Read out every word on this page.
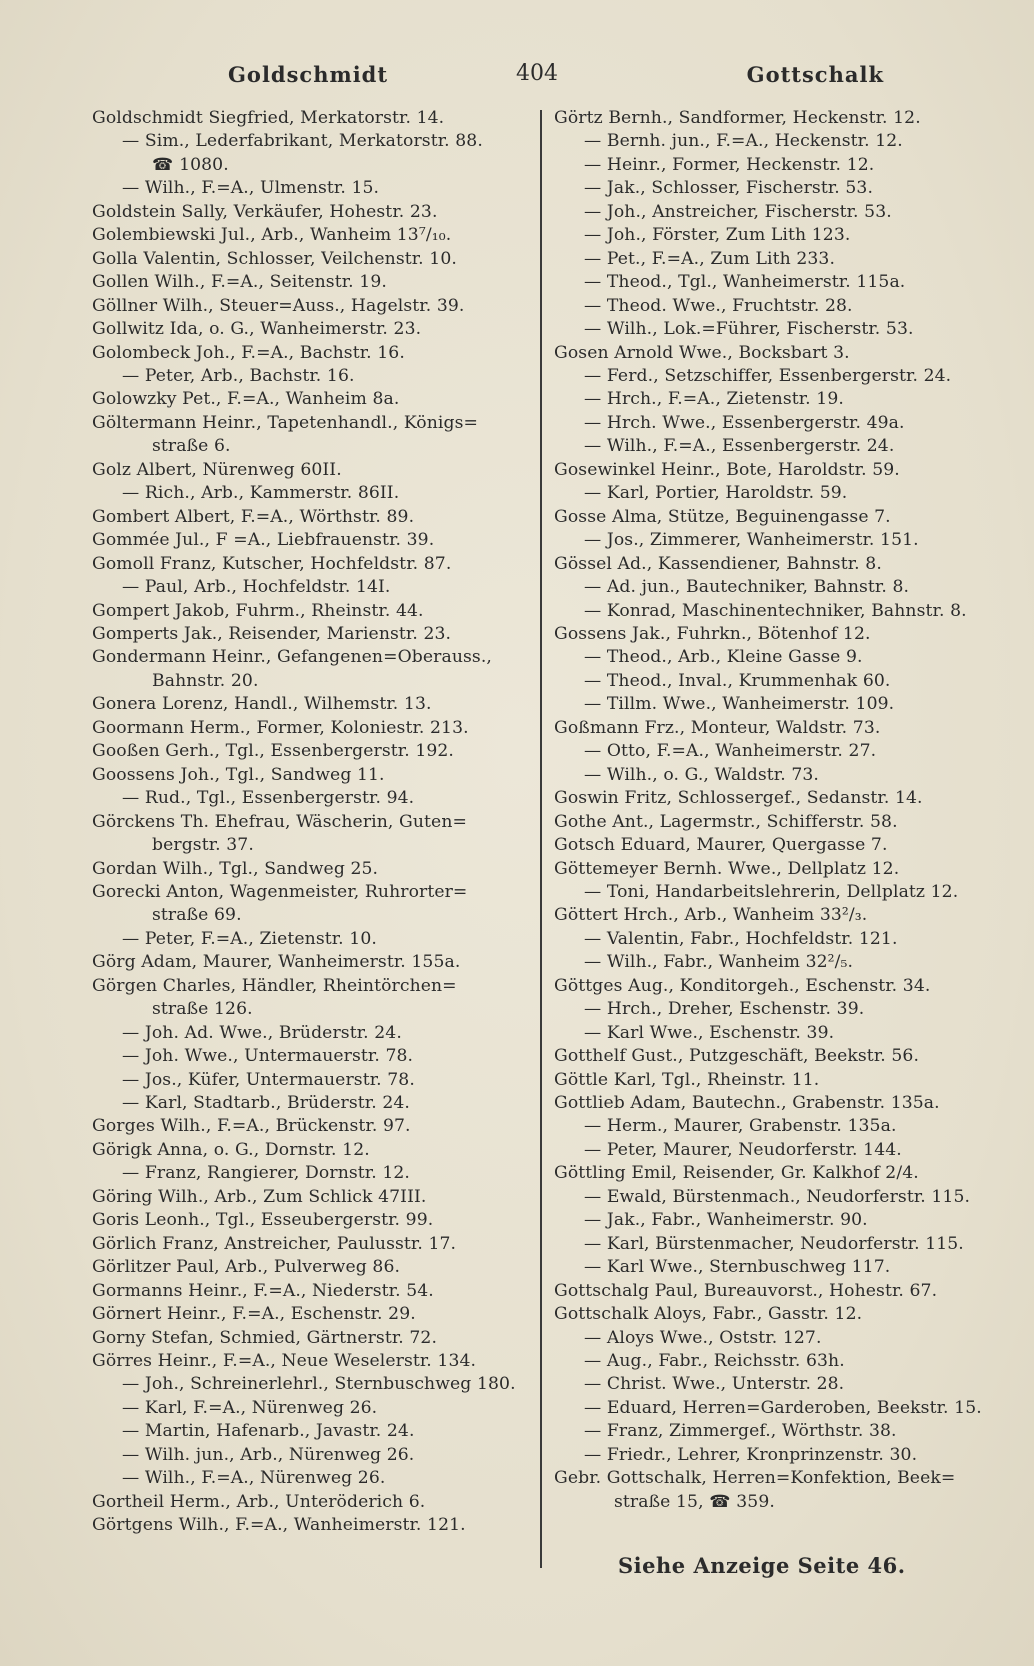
Goldschmidt	404	Gottschalk
Goldschmidt Siegfried, Merkatorstr. 14.
— Sim., Lederfabrikant, Merkatorstr. 88.
☎ 1080.
— Wilh., F.=A., Ulmenstr. 15.
Goldstein Sally, Verkäufer, Hohestr. 23.
Golembiewski Jul., Arb., Wanheim 13⁷/₁₀.
Golla Valentin, Schlosser, Veilchenstr. 10.
Gollen Wilh., F.=A., Seitenstr. 19.
Göllner Wilh., Steuer=Auss., Hagelstr. 39.
Gollwitz Ida, o. G., Wanheimerstr. 23.
Golombeck Joh., F.=A., Bachstr. 16.
— Peter, Arb., Bachstr. 16.
Golowzky Pet., F.=A., Wanheim 8a.
Göltermann Heinr., Tapetenhandl., Königs=
straße 6.
Golz Albert, Nürenweg 60II.
— Rich., Arb., Kammerstr. 86II.
Gombert Albert, F.=A., Wörthstr. 89.
Gommée Jul., F =A., Liebfrauenstr. 39.
Gomoll Franz, Kutscher, Hochfeldstr. 87.
— Paul, Arb., Hochfeldstr. 14I.
Gompert Jakob, Fuhrm., Rheinstr. 44.
Gomperts Jak., Reisender, Marienstr. 23.
Gondermann Heinr., Gefangenen=Oberauss.,
Bahnstr. 20.
Gonera Lorenz, Handl., Wilhemstr. 13.
Goormann Herm., Former, Koloniestr. 213.
Gooßen Gerh., Tgl., Essenbergerstr. 192.
Goossens Joh., Tgl., Sandweg 11.
— Rud., Tgl., Essenbergerstr. 94.
Görckens Th. Ehefrau, Wäscherin, Guten=
bergstr. 37.
Gordan Wilh., Tgl., Sandweg 25.
Gorecki Anton, Wagenmeister, Ruhrorter=
straße 69.
— Peter, F.=A., Zietenstr. 10.
Görg Adam, Maurer, Wanheimerstr. 155a.
Görgen Charles, Händler, Rheintörchen=
straße 126.
— Joh. Ad. Wwe., Brüderstr. 24.
— Joh. Wwe., Untermauerstr. 78.
— Jos., Küfer, Untermauerstr. 78.
— Karl, Stadtarb., Brüderstr. 24.
Gorges Wilh., F.=A., Brückenstr. 97.
Görigk Anna, o. G., Dornstr. 12.
— Franz, Rangierer, Dornstr. 12.
Göring Wilh., Arb., Zum Schlick 47III.
Goris Leonh., Tgl., Esseubergerstr. 99.
Görlich Franz, Anstreicher, Paulusstr. 17.
Görlitzer Paul, Arb., Pulverweg 86.
Gormanns Heinr., F.=A., Niederstr. 54.
Görnert Heinr., F.=A., Eschenstr. 29.
Gorny Stefan, Schmied, Gärtnerstr. 72.
Görres Heinr., F.=A., Neue Weselerstr. 134.
— Joh., Schreinerlehrl., Sternbuschweg 180.
— Karl, F.=A., Nürenweg 26.
— Martin, Hafenarb., Javastr. 24.
— Wilh. jun., Arb., Nürenweg 26.
— Wilh., F.=A., Nürenweg 26.
Gortheil Herm., Arb., Unteröderich 6.
Görtgens Wilh., F.=A., Wanheimerstr. 121.
Görtz Bernh., Sandformer, Heckenstr. 12.
— Bernh. jun., F.=A., Heckenstr. 12.
— Heinr., Former, Heckenstr. 12.
— Jak., Schlosser, Fischerstr. 53.
— Joh., Anstreicher, Fischerstr. 53.
— Joh., Förster, Zum Lith 123.
— Pet., F.=A., Zum Lith 233.
— Theod., Tgl., Wanheimerstr. 115a.
— Theod. Wwe., Fruchtstr. 28.
— Wilh., Lok.=Führer, Fischerstr. 53.
Gosen Arnold Wwe., Bocksbart 3.
— Ferd., Setzschiffer, Essenbergerstr. 24.
— Hrch., F.=A., Zietenstr. 19.
— Hrch. Wwe., Essenbergerstr. 49a.
— Wilh., F.=A., Essenbergerstr. 24.
Gosewinkel Heinr., Bote, Haroldstr. 59.
— Karl, Portier, Haroldstr. 59.
Gosse Alma, Stütze, Beguinengasse 7.
— Jos., Zimmerer, Wanheimerstr. 151.
Gössel Ad., Kassendiener, Bahnstr. 8.
— Ad. jun., Bautechniker, Bahnstr. 8.
— Konrad, Maschinentechniker, Bahnstr. 8.
Gossens Jak., Fuhrkn., Bötenhof 12.
— Theod., Arb., Kleine Gasse 9.
— Theod., Inval., Krummenhak 60.
— Tillm. Wwe., Wanheimerstr. 109.
Goßmann Frz., Monteur, Waldstr. 73.
— Otto, F.=A., Wanheimerstr. 27.
— Wilh., o. G., Waldstr. 73.
Goswin Fritz, Schlossergef., Sedanstr. 14.
Gothe Ant., Lagermstr., Schifferstr. 58.
Gotsch Eduard, Maurer, Quergasse 7.
Göttemeyer Bernh. Wwe., Dellplatz 12.
— Toni, Handarbeitslehrerin, Dellplatz 12.
Göttert Hrch., Arb., Wanheim 33²/₃.
— Valentin, Fabr., Hochfeldstr. 121.
— Wilh., Fabr., Wanheim 32²/₅.
Göttges Aug., Konditorgeh., Eschenstr. 34.
— Hrch., Dreher, Eschenstr. 39.
— Karl Wwe., Eschenstr. 39.
Gotthelf Gust., Putzgeschäft, Beekstr. 56.
Göttle Karl, Tgl., Rheinstr. 11.
Gottlieb Adam, Bautechn., Grabenstr. 135a.
— Herm., Maurer, Grabenstr. 135a.
— Peter, Maurer, Neudorferstr. 144.
Göttling Emil, Reisender, Gr. Kalkhof 2/4.
— Ewald, Bürstenmach., Neudorferstr. 115.
— Jak., Fabr., Wanheimerstr. 90.
— Karl, Bürstenmacher, Neudorferstr. 115.
— Karl Wwe., Sternbuschweg 117.
Gottschalg Paul, Bureauvorst., Hohestr. 67.
Gottschalk Aloys, Fabr., Gasstr. 12.
— Aloys Wwe., Oststr. 127.
— Aug., Fabr., Reichsstr. 63h.
— Christ. Wwe., Unterstr. 28.
— Eduard, Herren=Garderoben, Beekstr. 15.
— Franz, Zimmergef., Wörthstr. 38.
— Friedr., Lehrer, Kronprinzenstr. 30.
Gebr. Gottschalk, Herren=Konfektion, Beek=
straße 15, ☎ 359.
Siehe Anzeige Seite 46.
